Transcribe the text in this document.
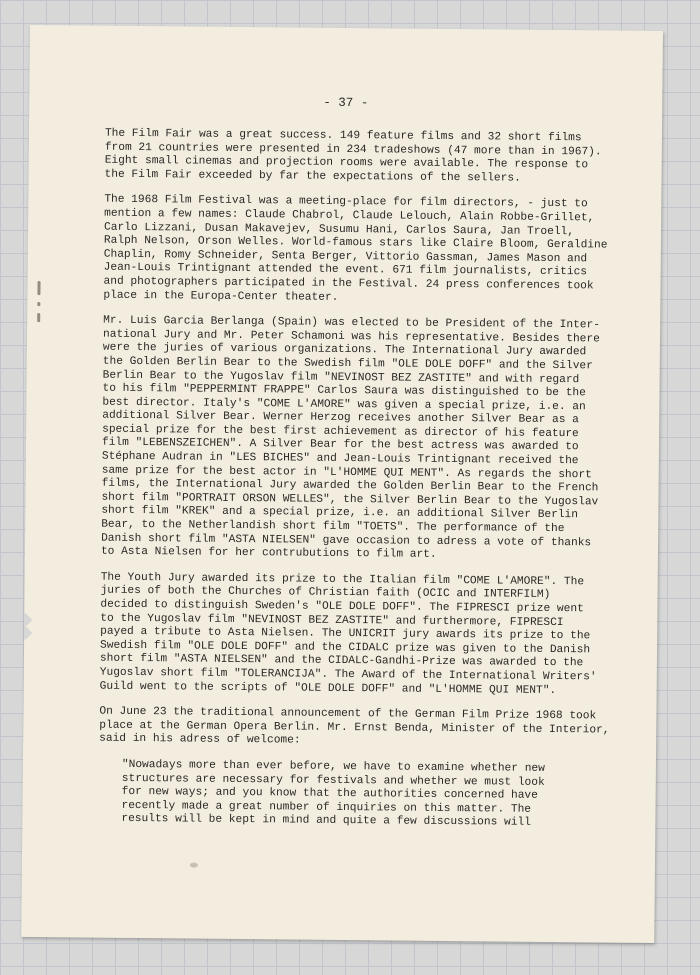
- 37 -

The Film Fair was a great success. 149 feature films and 32 short films
from 21 countries were presented in 234 tradeshows (47 more than in 1967).
Eight small cinemas and projection rooms were available. The response to
the Film Fair exceeded by far the expectations of the sellers.

The 1968 Film Festival was a meeting-place for film directors, - just to
mention a few names: Claude Chabrol, Claude Lelouch, Alain Robbe-Grillet,
Carlo Lizzani, Dusan Makavejev, Susumu Hani, Carlos Saura, Jan Troell,
Ralph Nelson, Orson Welles. World-famous stars like Claire Bloom, Geraldine
Chaplin, Romy Schneider, Senta Berger, Vittorio Gassman, James Mason and
Jean-Louis Trintignant attended the event. 671 film journalists, critics
and photographers participated in the Festival. 24 press conferences took
place in the Europa-Center theater.

Mr. Luis Garcia Berlanga (Spain) was elected to be President of the Inter-
national Jury and Mr. Peter Schamoni was his representative. Besides there
were the juries of various organizations. The International Jury awarded
the Golden Berlin Bear to the Swedish film "OLE DOLE DOFF" and the Silver
Berlin Bear to the Yugoslav film "NEVINOST BEZ ZASTITE" and with regard
to his film "PEPPERMINT FRAPPE" Carlos Saura was distinguished to be the
best director. Italy's "COME L'AMORE" was given a special prize, i.e. an
additional Silver Bear. Werner Herzog receives another Silver Bear as a
special prize for the best first achievement as director of his feature
film "LEBENSZEICHEN". A Silver Bear for the best actress was awarded to
Stéphane Audran in "LES BICHES" and Jean-Louis Trintignant received the
same prize for the best actor in "L'HOMME QUI MENT". As regards the short
films, the International Jury awarded the Golden Berlin Bear to the French
short film "PORTRAIT ORSON WELLES", the Silver Berlin Bear to the Yugoslav
short film "KREK" and a special prize, i.e. an additional Silver Berlin
Bear, to the Netherlandish short film "TOETS". The performance of the
Danish short film "ASTA NIELSEN" gave occasion to adress a vote of thanks
to Asta Nielsen for her contrubutions to film art.

The Youth Jury awarded its prize to the Italian film "COME L'AMORE". The
juries of both the Churches of Christian faith (OCIC and INTERFILM)
decided to distinguish Sweden's "OLE DOLE DOFF". The FIPRESCI prize went
to the Yugoslav film "NEVINOST BEZ ZASTITE" and furthermore, FIPRESCI
payed a tribute to Asta Nielsen. The UNICRIT jury awards its prize to the
Swedish film "OLE DOLE DOFF" and the CIDALC prize was given to the Danish
short film "ASTA NIELSEN" and the CIDALC-Gandhi-Prize was awarded to the
Yugoslav short film "TOLERANCIJA". The Award of the International Writers'
Guild went to the scripts of "OLE DOLE DOFF" and "L'HOMME QUI MENT".

On June 23 the traditional announcement of the German Film Prize 1968 took
place at the German Opera Berlin. Mr. Ernst Benda, Minister of the Interior,
said in his adress of welcome:

"Nowadays more than ever before, we have to examine whether new
structures are necessary for festivals and whether we must look
for new ways; and you know that the authorities concerned have
recently made a great number of inquiries on this matter. The
results will be kept in mind and quite a few discussions will
